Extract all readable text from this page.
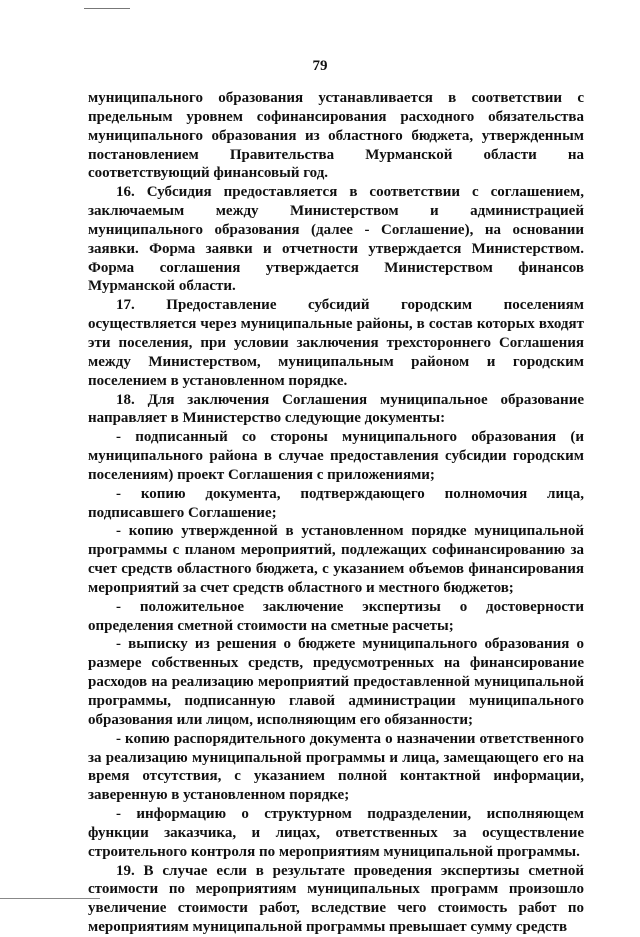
79

муниципального образования устанавливается в соответствии с предельным уровнем софинансирования расходного обязательства муниципального образования из областного бюджета, утвержденным постановлением Правительства Мурманской области на соответствующий финансовый год.

16. Субсидия предоставляется в соответствии с соглашением, заключаемым между Министерством и администрацией муниципального образования (далее - Соглашение), на основании заявки. Форма заявки и отчетности утверждается Министерством. Форма соглашения утверждается Министерством финансов Мурманской области.

17. Предоставление субсидий городским поселениям осуществляется через муниципальные районы, в состав которых входят эти поселения, при условии заключения трехстороннего Соглашения между Министерством, муниципальным районом и городским поселением в установленном порядке.

18. Для заключения Соглашения муниципальное образование направляет в Министерство следующие документы:

- подписанный со стороны муниципального образования (и муниципального района в случае предоставления субсидии городским поселениям) проект Соглашения с приложениями;

- копию документа, подтверждающего полномочия лица, подписавшего Соглашение;

- копию утвержденной в установленном порядке муниципальной программы с планом мероприятий, подлежащих софинансированию за счет средств областного бюджета, с указанием объемов финансирования мероприятий за счет средств областного и местного бюджетов;

- положительное заключение экспертизы о достоверности определения сметной стоимости на сметные расчеты;

- выписку из решения о бюджете муниципального образования о размере собственных средств, предусмотренных на финансирование расходов на реализацию мероприятий предоставленной муниципальной программы, подписанную главой администрации муниципального образования или лицом, исполняющим его обязанности;

- копию распорядительного документа о назначении ответственного за реализацию муниципальной программы и лица, замещающего его на время отсутствия, с указанием полной контактной информации, заверенную в установленном порядке;

- информацию о структурном подразделении, исполняющем функции заказчика, и лицах, ответственных за осуществление строительного контроля по мероприятиям муниципальной программы.

19. В случае если в результате проведения экспертизы сметной стоимости по мероприятиям муниципальных программ произошло увеличение стоимости работ, вследствие чего стоимость работ по мероприятиям муниципальной программы превышает сумму средств
